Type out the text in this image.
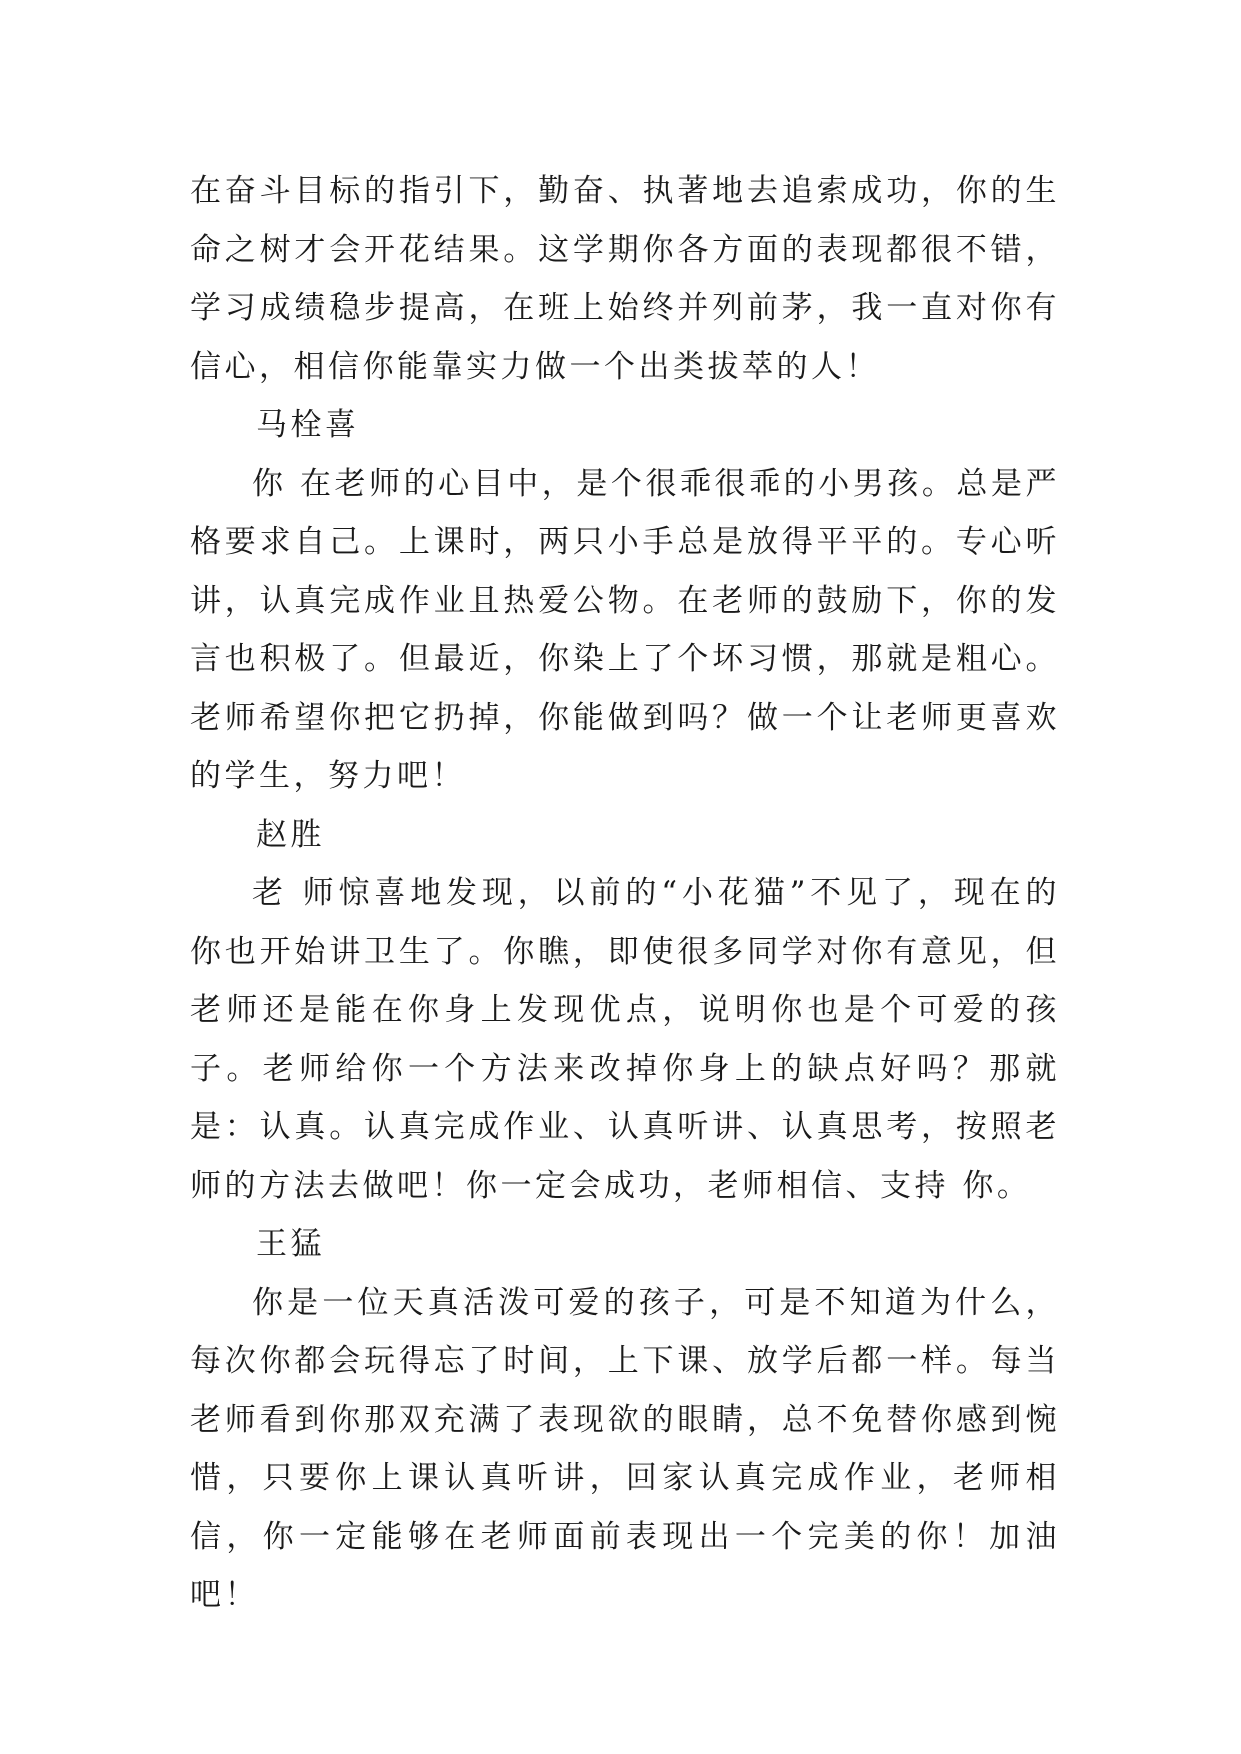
在奋斗目标的指引下，勤奋、执著地去追索成功，你的生命之树才会开花结果。这学期你各方面的表现都很不错，学习成绩稳步提高，在班上始终并列前茅，我一直对你有信心，相信你能靠实力做一个出类拔萃的人！

马栓喜

你 在老师的心目中，是个很乖很乖的小男孩。总是严格要求自己。上课时，两只小手总是放得平平的。专心听讲，认真完成作业且热爱公物。在老师的鼓励下，你的发 言也积极了。但最近，你染上了个坏习惯，那就是粗心。老师希望你把它扔掉，你能做到吗？做一个让老师更喜欢的学生，努力吧！

赵胜

老 师惊喜地发现，以前的“小花猫”不见了，现在的你也开始讲卫生了。你瞧，即使很多同学对你有意见，但老师还是能在你身上发现优点，说明你也是个可爱的孩 子。老师给你一个方法来改掉你身上的缺点好吗？那就是：认真。认真完成作业、认真听讲、认真思考，按照老师的方法去做吧！你一定会成功，老师相信、支持 你。

王猛

你是一位天真活泼可爱的孩子，可是不知道为什么，每次你都会玩得忘了时间，上下课、放学后都一样。每当老师看到你那双充满了表现欲的眼睛，总不免替你感到惋惜，只要你上课认真听讲，回家认真完成作业，老师相信，你一定能够在老师面前表现出一个完美的你！加油吧！
